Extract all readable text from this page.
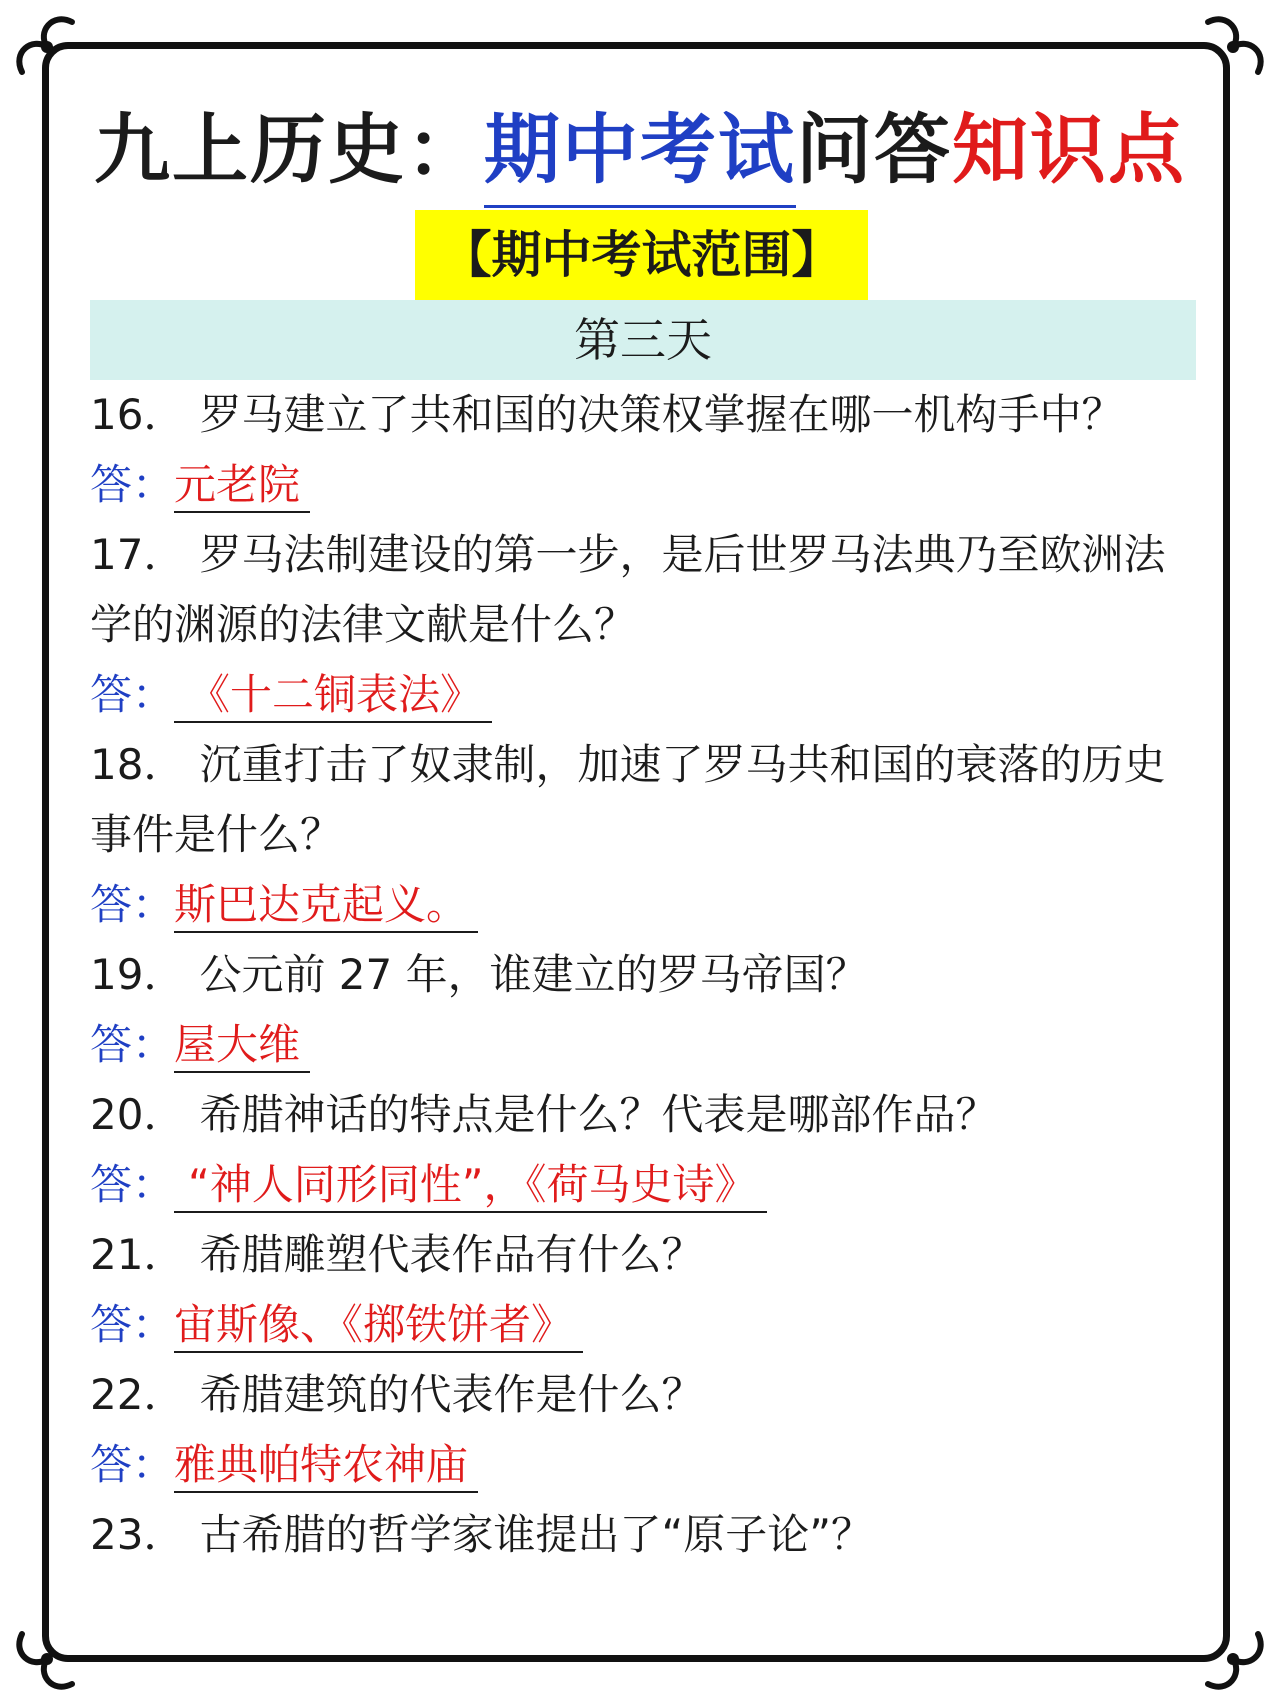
九上历史：期中考试问答知识点
【期中考试范围】
第三天
16． 罗马建立了共和国的决策权掌握在哪一机构手中？
答：元老院
17． 罗马法制建设的第一步，是后世罗马法典乃至欧洲法
学的渊源的法律文献是什么？
答： 《十二铜表法》
18． 沉重打击了奴隶制，加速了罗马共和国的衰落的历史
事件是什么？
答：斯巴达克起义。
19． 公元前 27 年，谁建立的罗马帝国？
答：屋大维
20． 希腊神话的特点是什么？代表是哪部作品？
答： “神人同形同性”，《荷马史诗》
21． 希腊雕塑代表作品有什么？
答：宙斯像、《掷铁饼者》
22． 希腊建筑的代表作是什么？
答：雅典帕特农神庙
23． 古希腊的哲学家谁提出了“原子论”？
